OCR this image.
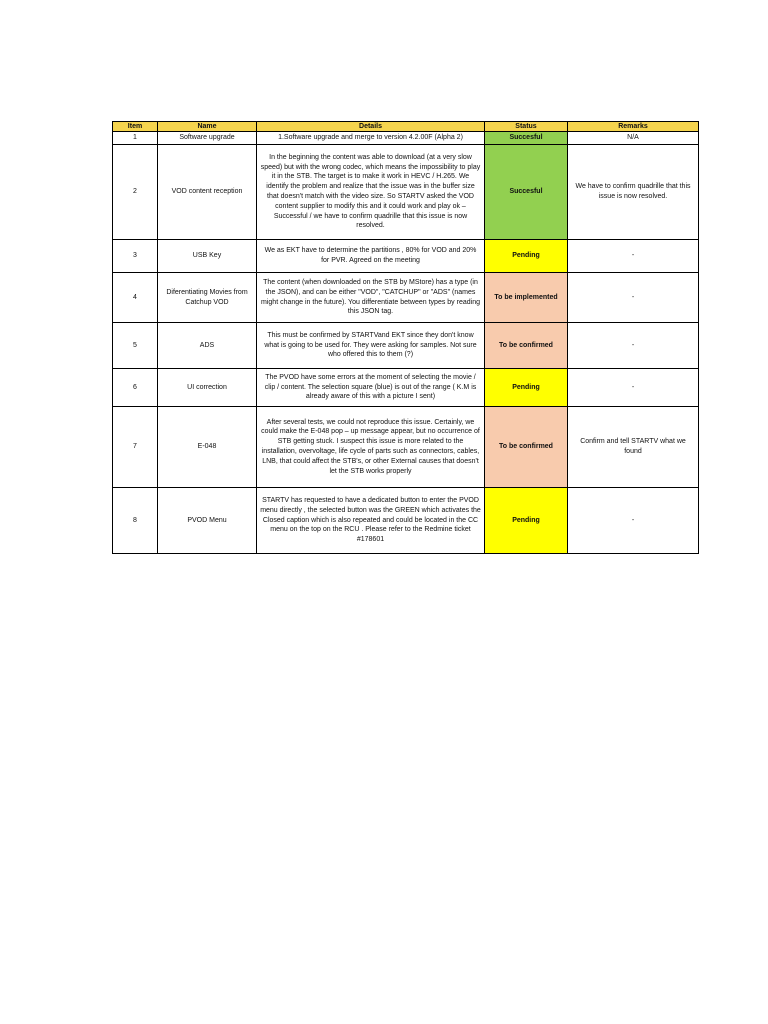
Item	Name	Details	Status	Remarks
1	Software upgrade	1.Software upgrade and merge to version 4.2.00F (Alpha 2)	Succesful	N/A
2	VOD content reception	In the beginning the content was able to download (at a very slow speed) but with the wrong codec, which means the impossibility to play it in the STB. The target is to make it work in HEVC / H.265. We identify the problem and realize that the issue was in the buffer size that doesn't match with the video size. So STARTV asked the VOD content supplier to modify this and it could work and play ok – Successful / we have to confirm quadrille that this issue is now resolved.	Succesful	We have to confirm quadrille that this issue is now resolved.
3	USB Key	We as EKT have to determine the partitions , 80% for VOD and 20% for PVR. Agreed on the meeting	Pending	-
4	Diferentiating Movies from Catchup VOD	The content (when downloaded on the STB by MStore) has a type (in the JSON), and can be either "VOD", "CATCHUP" or "ADS" (names might change in the future). You differentiate between types by reading this JSON tag.	To be implemented	-
5	ADS	This must be confirmed by STARTVand EKT since they don't know what is going to be used for. They were asking for samples. Not sure who offered this to them (?)	To be confirmed	-
6	UI correction	The PVOD have some errors at the moment of selecting the movie / clip / content. The selection square (blue) is out of the range ( K.M is already aware of this with a picture I sent)	Pending	-
7	E-048	After several tests, we could not reproduce this issue. Certainly, we could make the E-048 pop – up message appear, but no occurrence of STB getting stuck. I suspect this issue is more related to the installation, overvoltage, life cycle of parts such as connectors, cables, LNB, that could affect the STB's, or other External causes that doesn't let the STB works properly	To be confirmed	Confirm and tell STARTV what we found
8	PVOD Menu	STARTV has requested to have a dedicated button to enter the PVOD menu directly , the selected button was the GREEN which activates the Closed caption which is also repeated and could be located in the CC menu on the top on the RCU . Please refer to the Redmine ticket #178601	Pending	-
